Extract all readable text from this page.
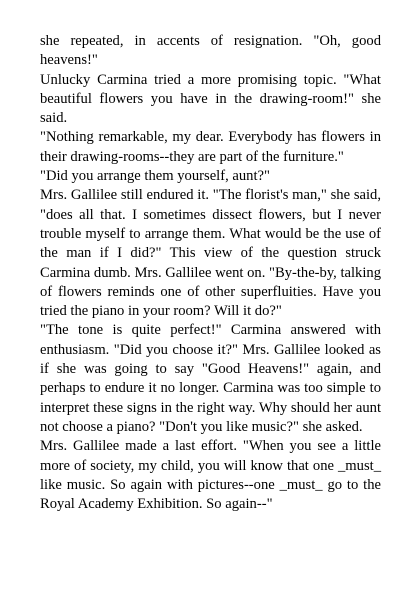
she repeated, in accents of resignation. "Oh, good heavens!"

Unlucky Carmina tried a more promising topic. "What beautiful flowers you have in the drawing-room!" she said.

"Nothing remarkable, my dear. Everybody has flowers in their drawing-rooms--they are part of the furniture."

"Did you arrange them yourself, aunt?"

Mrs. Gallilee still endured it. "The florist's man," she said, "does all that. I sometimes dissect flowers, but I never trouble myself to arrange them. What would be the use of the man if I did?" This view of the question struck Carmina dumb. Mrs. Gallilee went on. "By-the-by, talking of flowers reminds one of other superfluities. Have you tried the piano in your room? Will it do?"

"The tone is quite perfect!" Carmina answered with enthusiasm. "Did you choose it?" Mrs. Gallilee looked as if she was going to say "Good Heavens!" again, and perhaps to endure it no longer. Carmina was too simple to interpret these signs in the right way. Why should her aunt not choose a piano? "Don't you like music?" she asked.

Mrs. Gallilee made a last effort. "When you see a little more of society, my child, you will know that one _must_ like music. So again with pictures--one _must_ go to the Royal Academy Exhibition. So again--"
